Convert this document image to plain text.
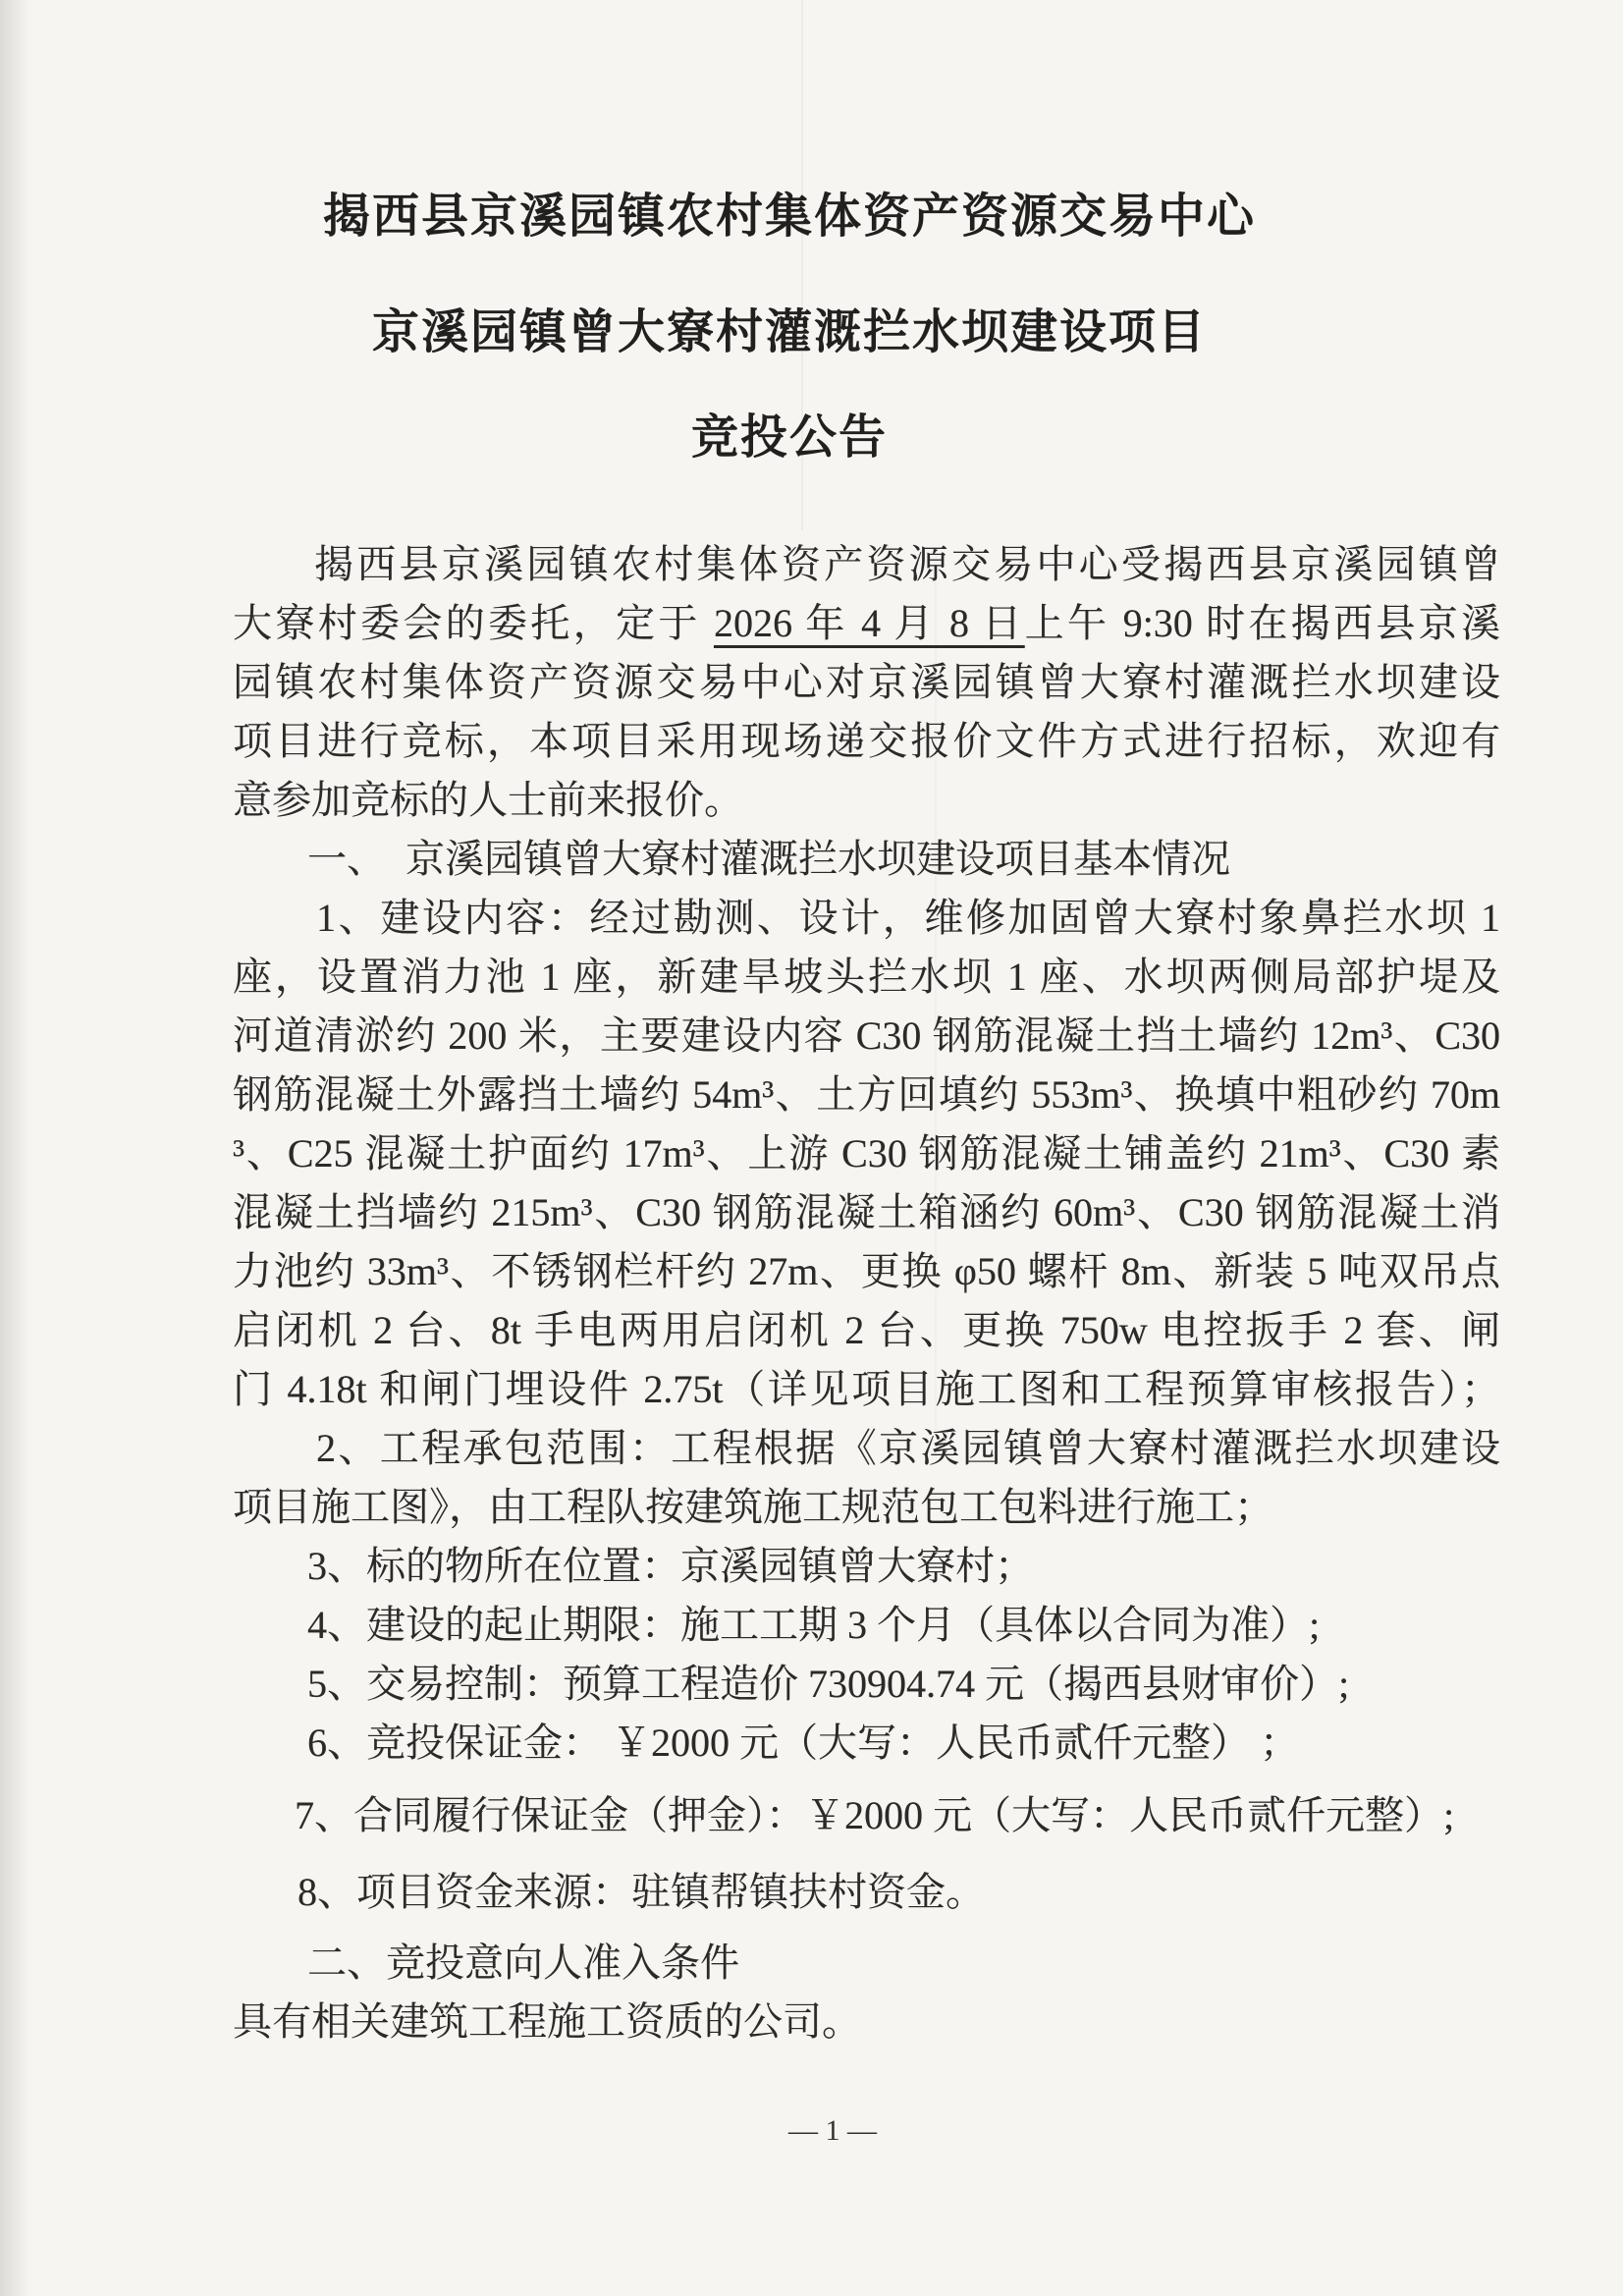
揭西县京溪园镇农村集体资产资源交易中心
京溪园镇曾大寮村灌溉拦水坝建设项目
竞投公告
揭西县京溪园镇农村集体资产资源交易中心受揭西县京溪园镇曾
大寮村委会的委托，定于 2026 年 4 月 8 日上午 9:30 时在揭西县京溪
园镇农村集体资产资源交易中心对京溪园镇曾大寮村灌溉拦水坝建设
项目进行竞标，本项目采用现场递交报价文件方式进行招标，欢迎有
意参加竞标的人士前来报价。
一、　京溪园镇曾大寮村灌溉拦水坝建设项目基本情况
1、建设内容：经过勘测、设计，维修加固曾大寮村象鼻拦水坝 1
座，设置消力池 1 座，新建旱坡头拦水坝 1 座、水坝两侧局部护堤及
河道清淤约 200 米，主要建设内容 C30 钢筋混凝土挡土墙约 12m³、C30
钢筋混凝土外露挡土墙约 54m³、土方回填约 553m³、换填中粗砂约 70m
³、C25 混凝土护面约 17m³、上游 C30 钢筋混凝土铺盖约 21m³、C30 素
混凝土挡墙约 215m³、C30 钢筋混凝土箱涵约 60m³、C30 钢筋混凝土消
力池约 33m³、不锈钢栏杆约 27m、更换 φ50 螺杆 8m、新装 5 吨双吊点
启闭机 2 台、8t 手电两用启闭机 2 台、更换 750w 电控扳手 2 套、闸
门 4.18t 和闸门埋设件 2.75t（详见项目施工图和工程预算审核报告）；
2、工程承包范围：工程根据《京溪园镇曾大寮村灌溉拦水坝建设
项目施工图》，由工程队按建筑施工规范包工包料进行施工；
3、标的物所在位置：京溪园镇曾大寮村；
4、建设的起止期限：施工工期 3 个月（具体以合同为准）;
5、交易控制：预算工程造价 730904.74 元（揭西县财审价）;
6、竞投保证金： ￥2000 元（大写：人民币贰仟元整） ；
7、合同履行保证金（押金）：￥2000 元（大写：人民币贰仟元整）;
8、项目资金来源：驻镇帮镇扶村资金。
二、竞投意向人准入条件
具有相关建筑工程施工资质的公司。
— 1 —
